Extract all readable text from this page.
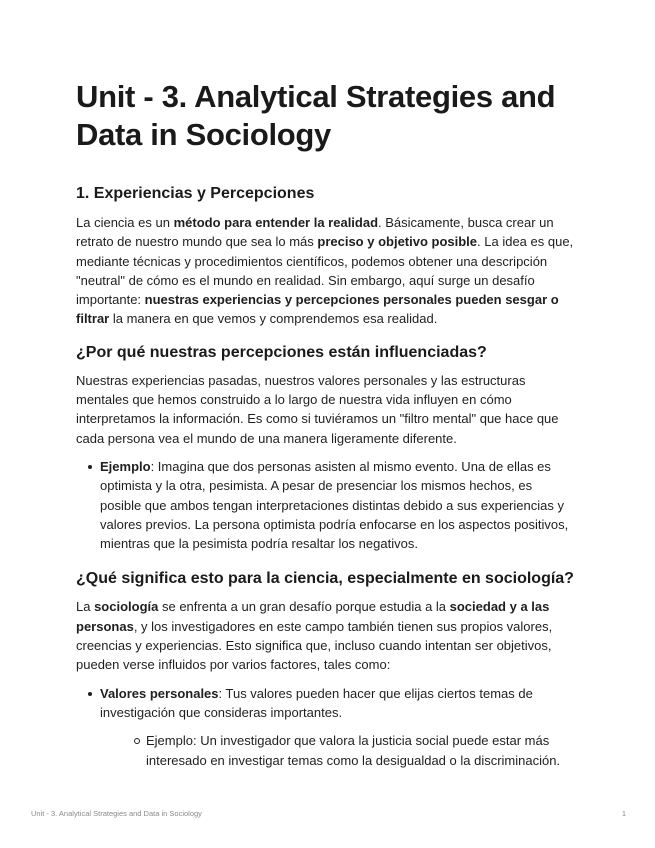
Unit - 3. Analytical Strategies and Data in Sociology
1. Experiencias y Percepciones

La ciencia es un método para entender la realidad. Básicamente, busca crear un retrato de nuestro mundo que sea lo más preciso y objetivo posible. La idea es que, mediante técnicas y procedimientos científicos, podemos obtener una descripción "neutral" de cómo es el mundo en realidad. Sin embargo, aquí surge un desafío importante: nuestras experiencias y percepciones personales pueden sesgar o filtrar la manera en que vemos y comprendemos esa realidad.

¿Por qué nuestras percepciones están influenciadas?

Nuestras experiencias pasadas, nuestros valores personales y las estructuras mentales que hemos construido a lo largo de nuestra vida influyen en cómo interpretamos la información. Es como si tuviéramos un "filtro mental" que hace que cada persona vea el mundo de una manera ligeramente diferente.

Ejemplo: Imagina que dos personas asisten al mismo evento. Una de ellas es optimista y la otra, pesimista. A pesar de presenciar los mismos hechos, es posible que ambos tengan interpretaciones distintas debido a sus experiencias y valores previos. La persona optimista podría enfocarse en los aspectos positivos, mientras que la pesimista podría resaltar los negativos.
¿Qué significa esto para la ciencia, especialmente en sociología?

La sociología se enfrenta a un gran desafío porque estudia a la sociedad y a las personas, y los investigadores en este campo también tienen sus propios valores, creencias y experiencias. Esto significa que, incluso cuando intentan ser objetivos, pueden verse influidos por varios factores, tales como:

Valores personales: Tus valores pueden hacer que elijas ciertos temas de investigación que consideras importantes.
Ejemplo: Un investigador que valora la justicia social puede estar más interesado en investigar temas como la desigualdad o la discriminación.
Unit - 3. Analytical Strategies and Data in Sociology	1
